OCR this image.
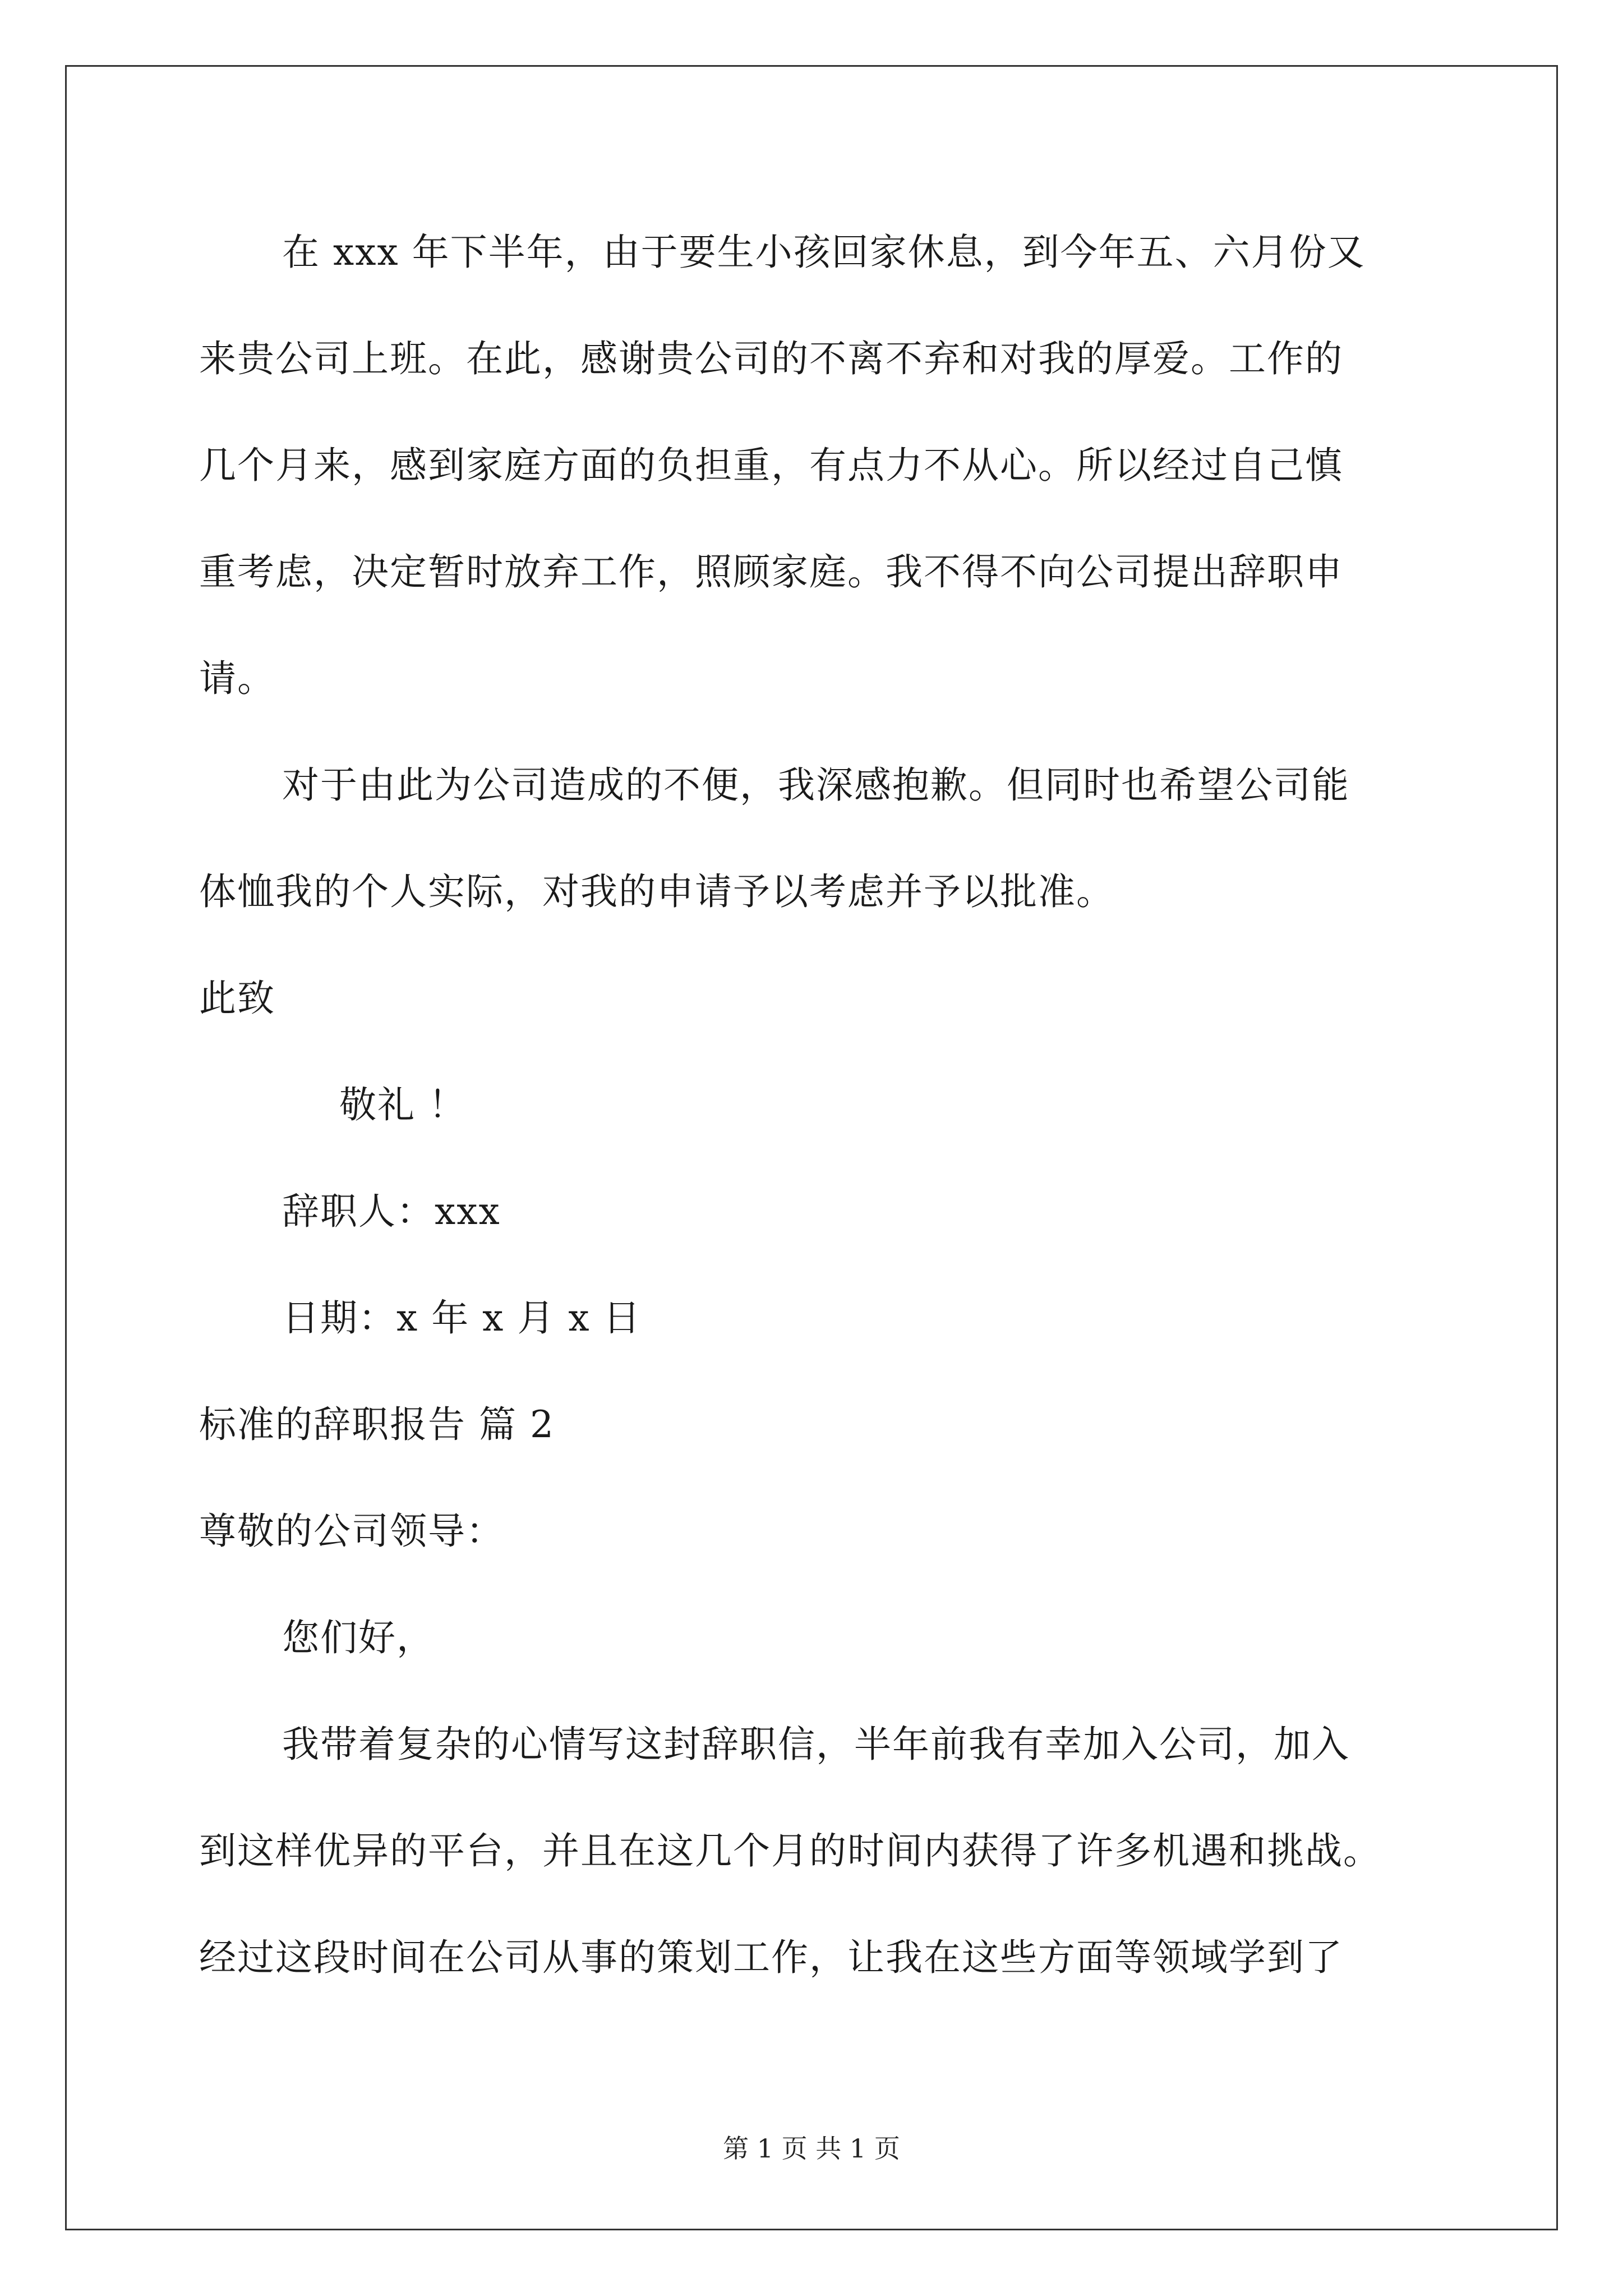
在 xxx 年下半年，由于要生小孩回家休息，到今年五、六月份又
来贵公司上班。在此，感谢贵公司的不离不弃和对我的厚爱。工作的
几个月来，感到家庭方面的负担重，有点力不从心。所以经过自己慎
重考虑，决定暂时放弃工作，照顾家庭。我不得不向公司提出辞职申
请。
对于由此为公司造成的不便，我深感抱歉。但同时也希望公司能
体恤我的个人实际，对我的申请予以考虑并予以批准。
此致
敬礼 ！
辞职人：xxx
日期：x 年 x 月 x 日
标准的辞职报告 篇 2
尊敬的公司领导：
您们好，
我带着复杂的心情写这封辞职信，半年前我有幸加入公司，加入
到这样优异的平台，并且在这几个月的时间内获得了许多机遇和挑战。
经过这段时间在公司从事的策划工作，让我在这些方面等领域学到了
第 1 页 共 1 页
